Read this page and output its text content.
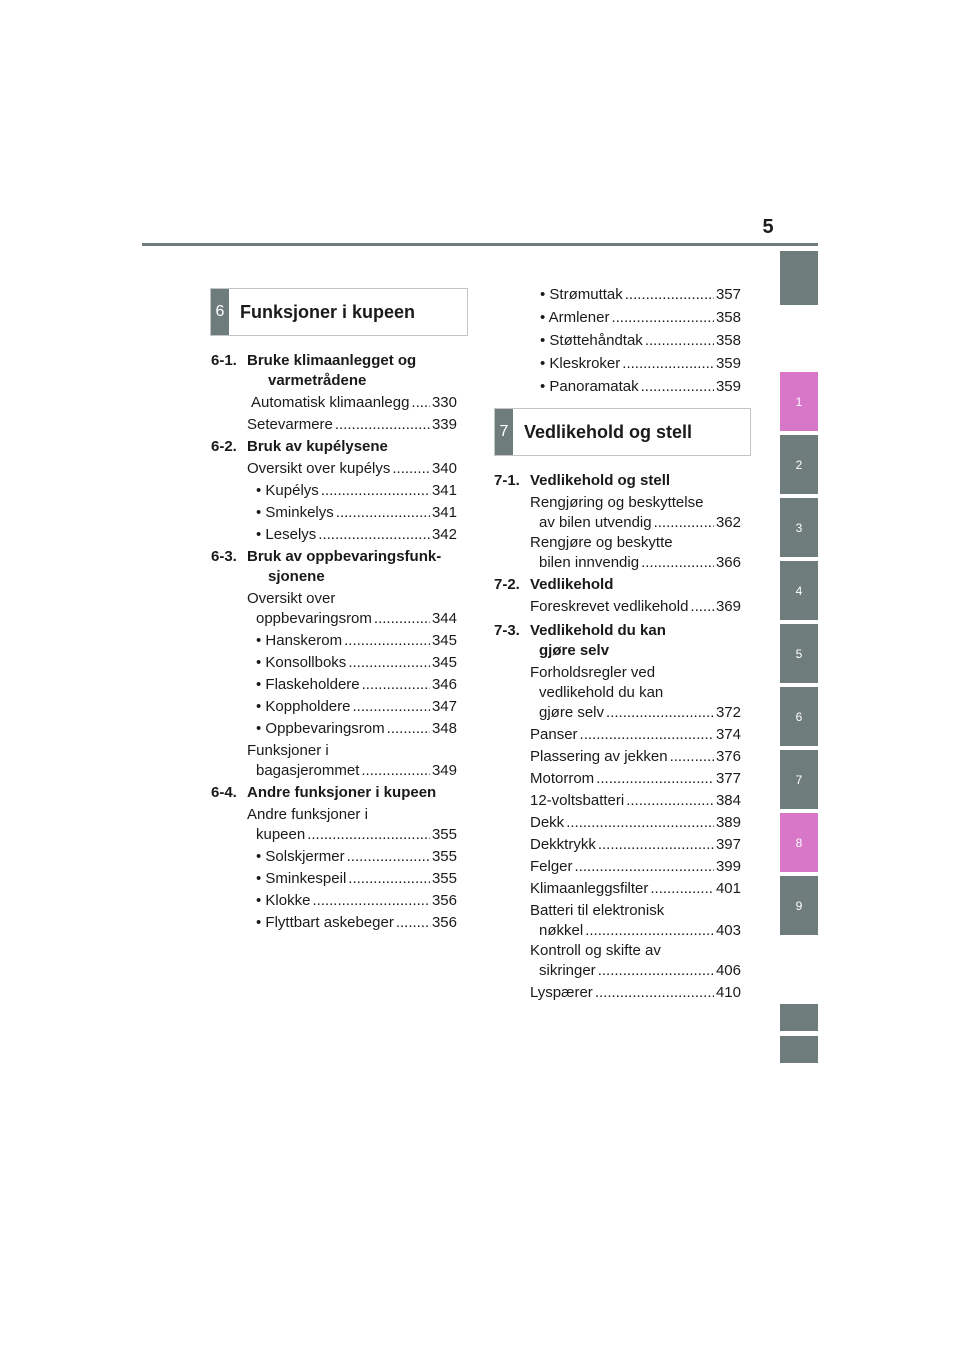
5
1
2
3
4
5
6
7
8
9
6 Funksjoner i kupeen
7 Vedlikehold og stell
6-1. Bruke klimaanlegget og
varmetrådene
Automatisk klimaanlegg ..... 330
Setevarmere .....	339
6-2. Bruk av kupélysene
Oversikt over kupélys .....	340
• Kupélys .....	341
• Sminkelys .....	341
• Leselys .....	342
6-3. Bruk av oppbevaringsfunk-
sjonene
Oversikt over
oppbevaringsrom .....	344
• Hanskerom .....	345
• Konsollboks .....	345
• Flaskeholdere .....	346
• Koppholdere .....	347
• Oppbevaringsrom .....	348
Funksjoner i
bagasjerommet .....	349
6-4. Andre funksjoner i kupeen
Andre funksjoner i
kupeen .....	355
• Solskjermer .....	355
• Sminkespeil .....	355
• Klokke .....	356
• Flyttbart askebeger .....	356
• Strømuttak .....	357
• Armlener .....	358
• Støttehåndtak .....	358
• Kleskroker .....	359
• Panoramatak .....	359
7-1. Vedlikehold og stell
Rengjøring og beskyttelse
av bilen utvendig .....	362
Rengjøre og beskytte
bilen innvendig .....	366
7-2. Vedlikehold
Foreskrevet vedlikehold ..... 369
7-3. Vedlikehold du kan
gjøre selv
Forholdsregler ved
vedlikehold du kan
gjøre selv .....	372
Panser .....	374
Plassering av jekken .....	376
Motorrom .....	377
12-voltsbatteri .....	384
Dekk .....	389
Dekktrykk .....	397
Felger .....	399
Klimaanleggsfilter .....	401
Batteri til elektronisk
nøkkel .....	403
Kontroll og skifte av
sikringer .....	406
Lyspærer .....	410
